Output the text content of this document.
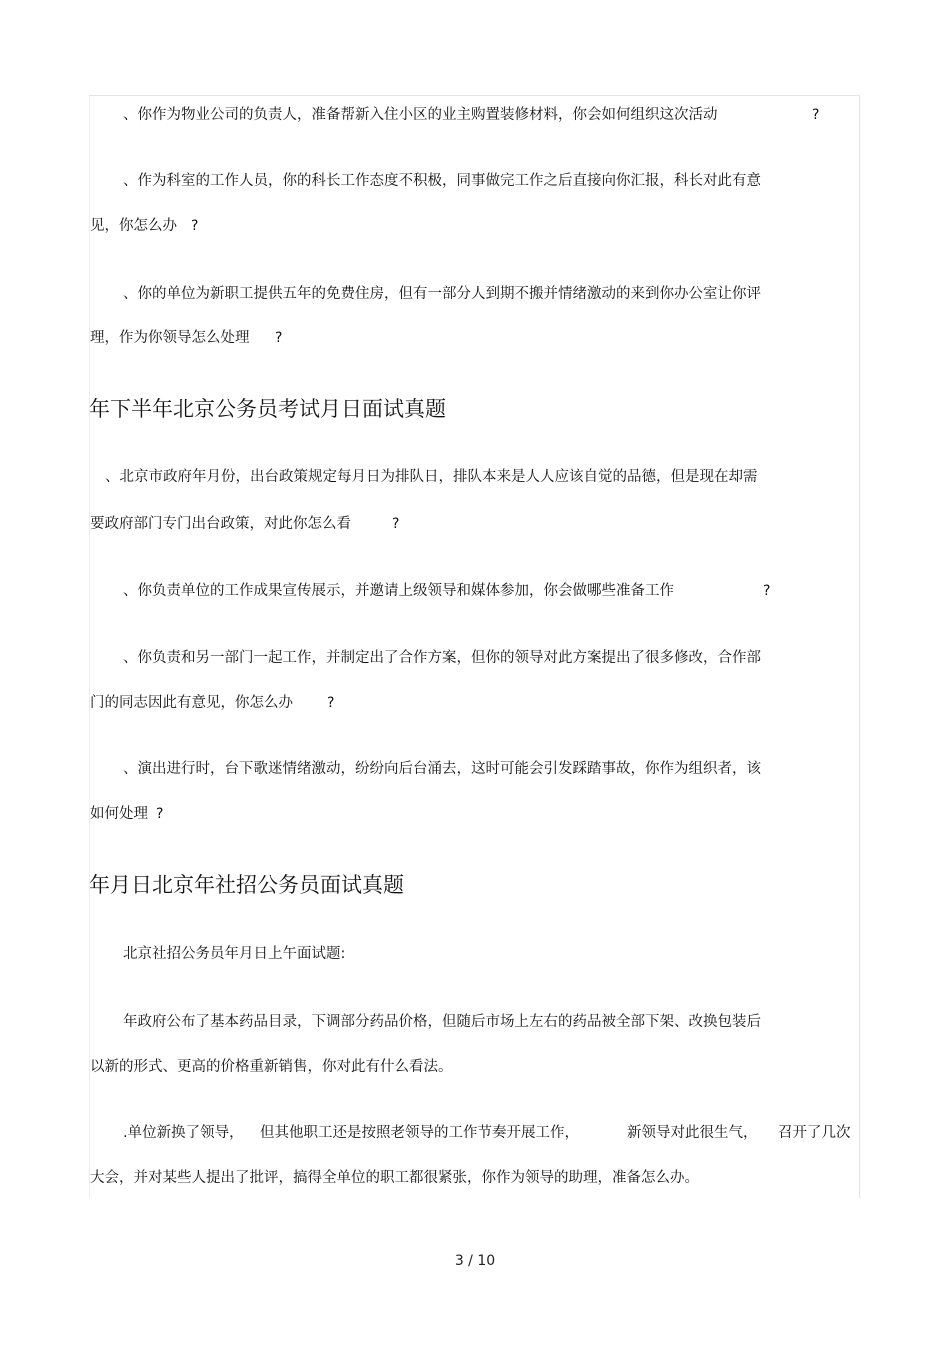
、你作为物业公司的负责人，准备帮新入住小区的业主购置装修材料，你会如何组织这次活动	?
、作为科室的工作人员，你的科长工作态度不积极，同事做完工作之后直接向你汇报，科长对此有意
见，你怎么办 ?
、你的单位为新职工提供五年的免费住房，但有一部分人到期不搬并情绪激动的来到你办公室让你评
理，作为你领导怎么处理 ?
年下半年北京公务员考试月日面试真题
、北京市政府年月份，出台政策规定每月日为排队日，排队本来是人人应该自觉的品德，但是现在却需
要政府部门专门出台政策，对此你怎么看	?
、你负责单位的工作成果宣传展示，并邀请上级领导和媒体参加，你会做哪些准备工作	?
、你负责和另一部门一起工作，并制定出了合作方案，但你的领导对此方案提出了很多修改，合作部
门的同志因此有意见，你怎么办 ?
、演出进行时，台下歌迷情绪激动，纷纷向后台涌去，这时可能会引发踩踏事故，你作为组织者，该
如何处理 ?
年月日北京年社招公务员面试真题
北京社招公务员年月日上午面试题:
年政府公布了基本药品目录，下调部分药品价格，但随后市场上左右的药品被全部下架、改换包装后
以新的形式、更高的价格重新销售，你对此有什么看法。
.单位新换了领导， 但其他职工还是按照老领导的工作节奏开展工作，	新领导对此很生气， 召开了几次
大会，并对某些人提出了批评，搞得全单位的职工都很紧张，你作为领导的助理，准备怎么办。
3 / 10
